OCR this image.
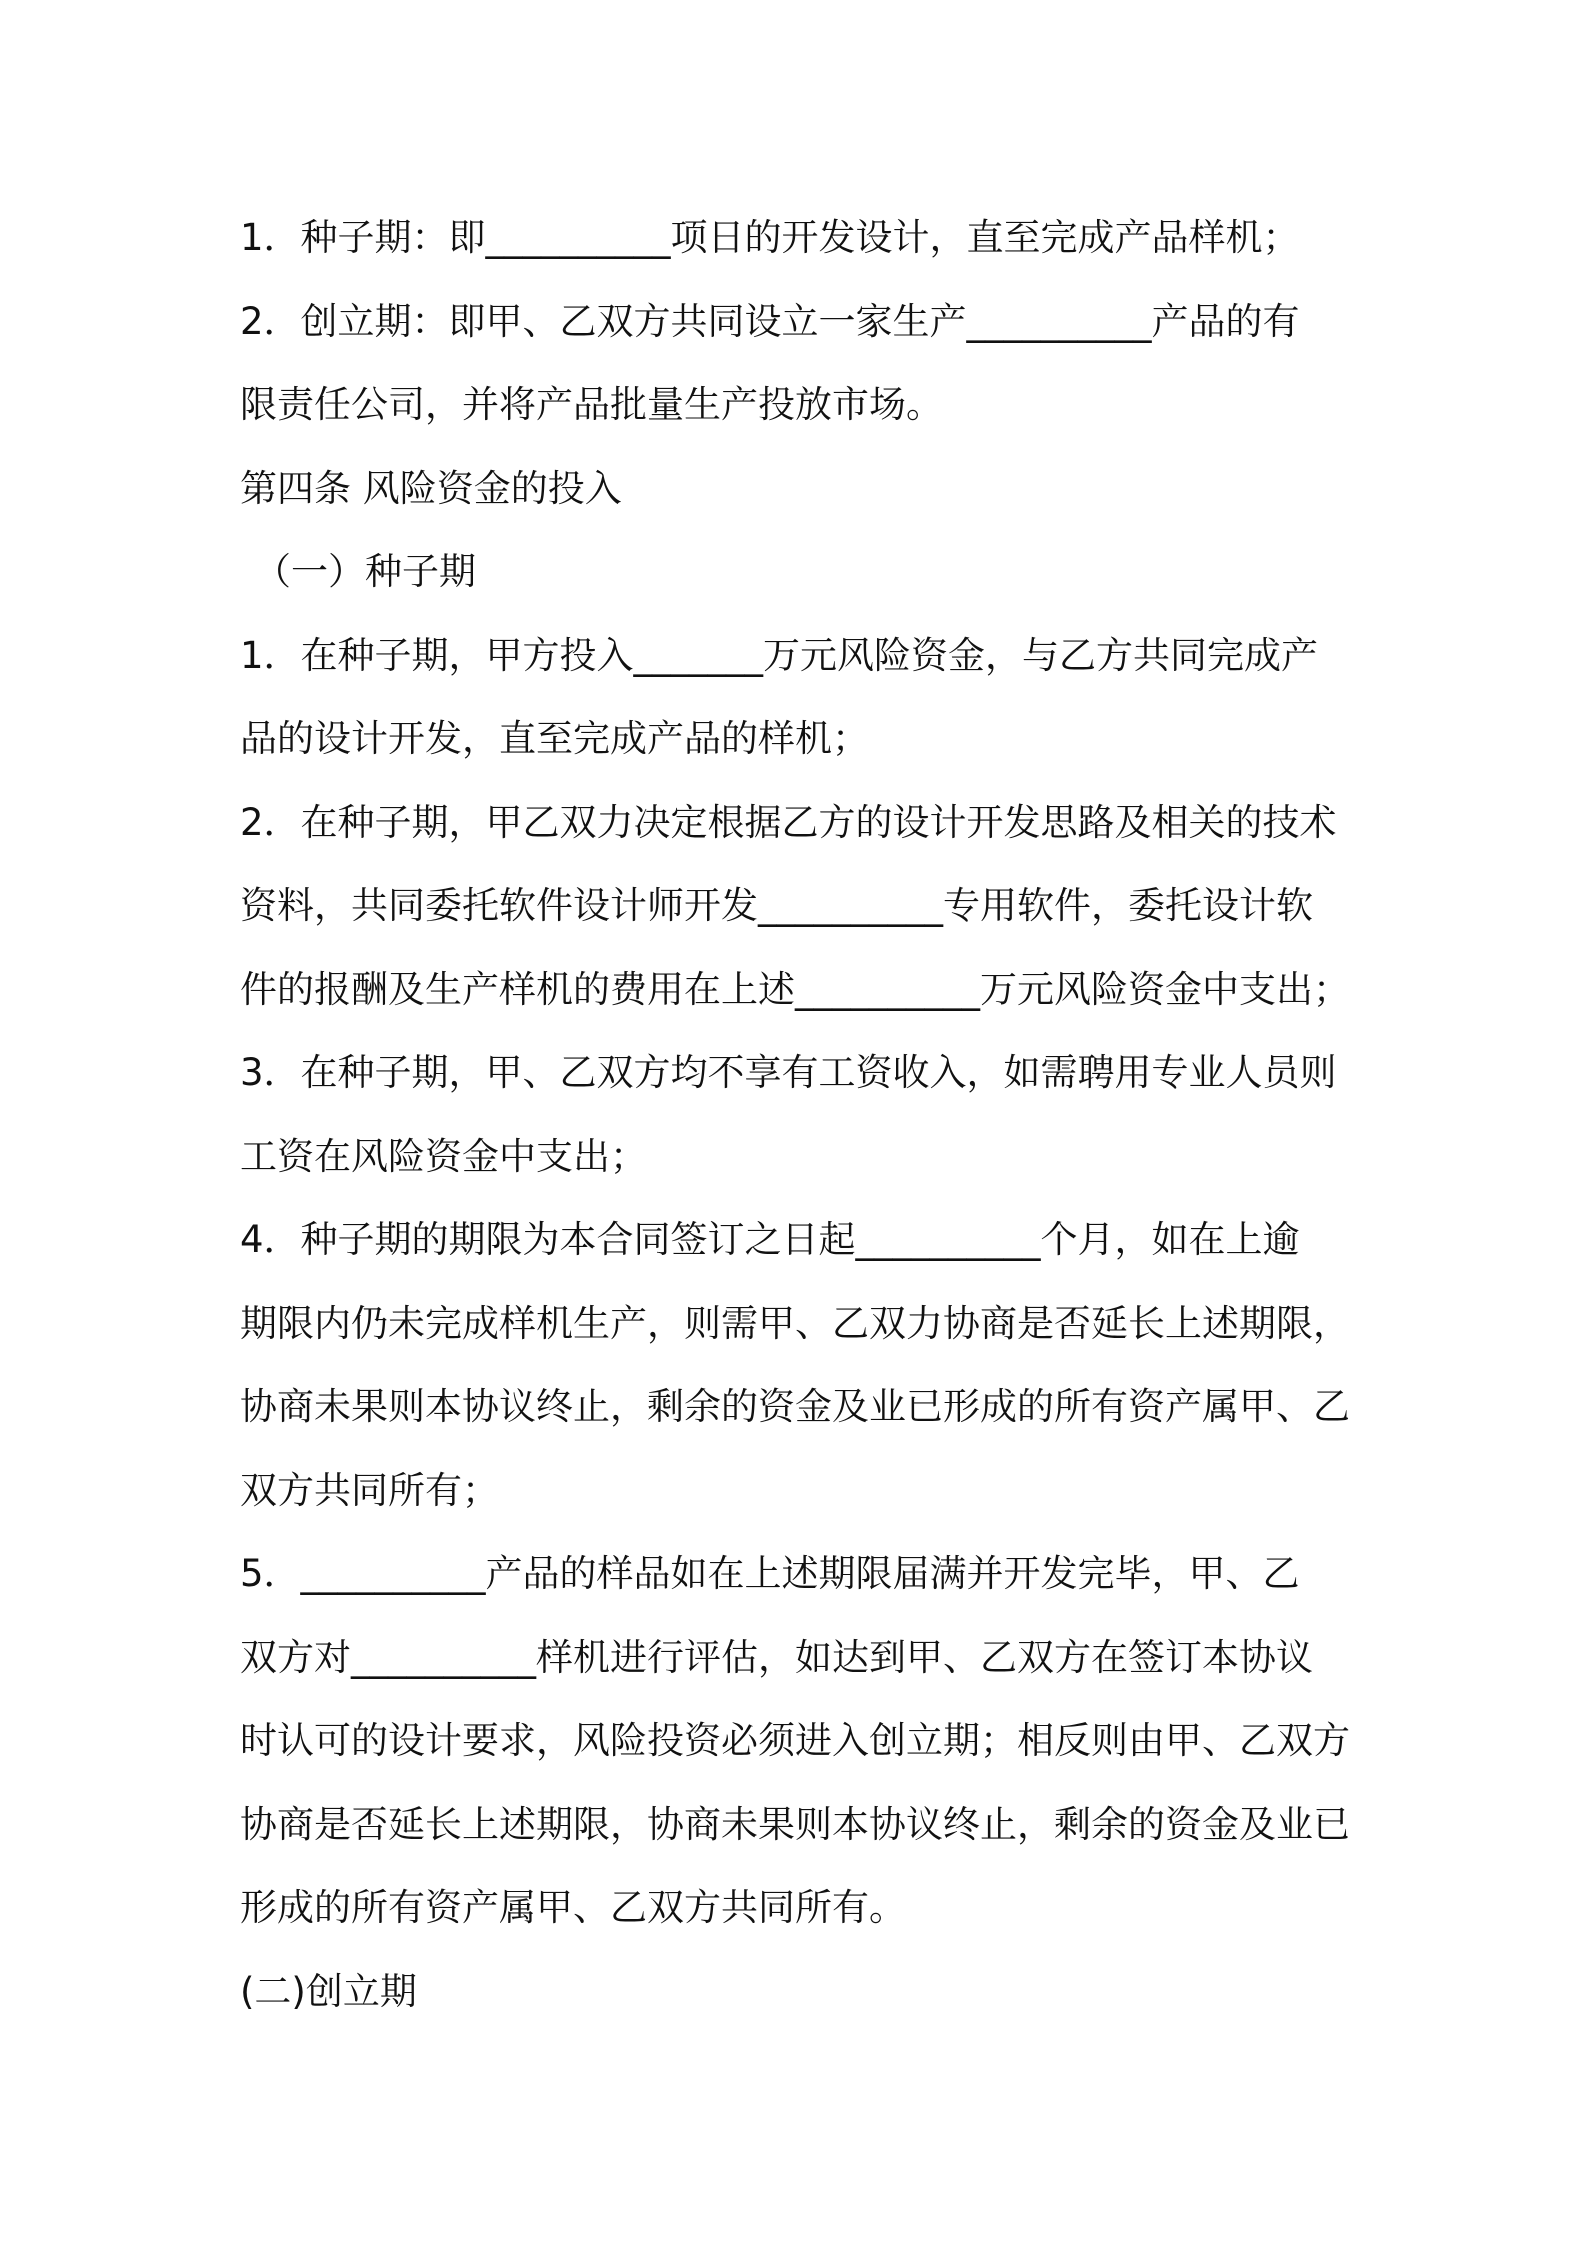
1．种子期：即__________项日的开发设计，直至完成产品样机；
2．创立期：即甲、乙双方共同设立一家生产__________产品的有
限责任公司，并将产品批量生产投放市场。
第四条 风险资金的投入
（一）种子期
1．在种子期，甲方投入_______万元风险资金，与乙方共同完成产
品的设计开发，直至完成产品的样机；
2．在种子期，甲乙双力决定根据乙方的设计开发思路及相关的技术
资料，共同委托软件设计师开发__________专用软件，委托设计软
件的报酬及生产样机的费用在上述__________万元风险资金中支出；
3．在种子期，甲、乙双方均不享有工资收入，如需聘用专业人员则
工资在风险资金中支出；
4．种子期的期限为本合同签订之日起__________个月，如在上逾
期限内仍未完成样机生产，则需甲、乙双力协商是否延长上述期限，
协商未果则本协议终止，剩余的资金及业已形成的所有资产属甲、乙
双方共同所有；
5．__________产品的样品如在上述期限届满并开发完毕，甲、乙
双方对__________样机进行评估，如达到甲、乙双方在签订本协议
时认可的设计要求，风险投资必须进入创立期；相反则由甲、乙双方
协商是否延长上述期限，协商未果则本协议终止，剩余的资金及业已
形成的所有资产属甲、乙双方共同所有。
(二)创立期
